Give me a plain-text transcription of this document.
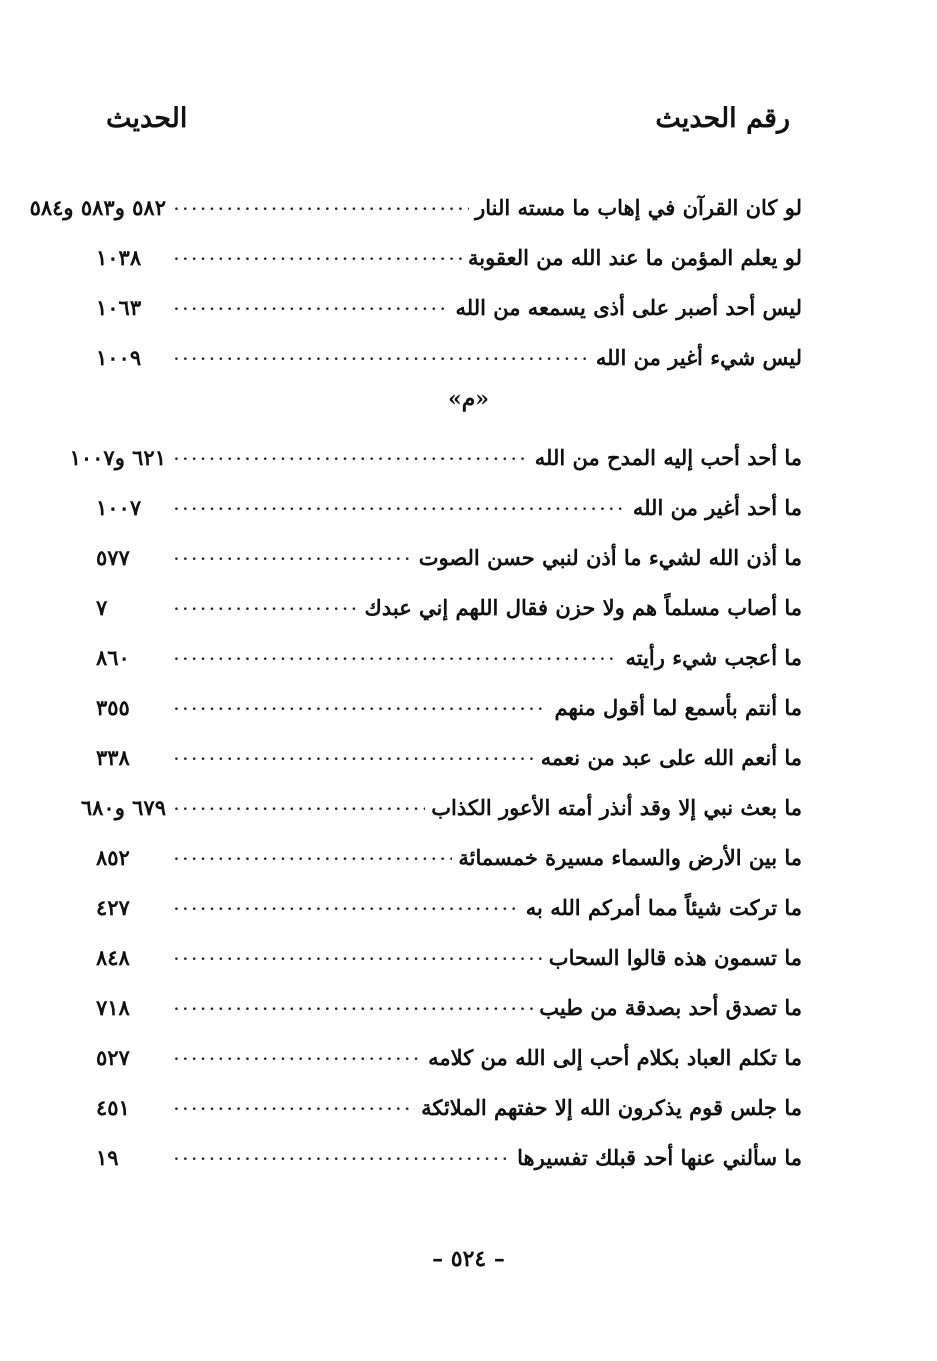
الحديث	رقم الحديث
لو كان القرآن في إهاب ما مسته النار
.....
٥٨٢ و٥٨٣ و٥٨٤
لو يعلم المؤمن ما عند الله من العقوبة
.....
١٠٣٨
ليس أحد أصبر على أذى يسمعه من الله
.....
١٠٦٣
ليس شيء أغير من الله
.....
١٠٠٩
ما أحد أحب إليه المدح من الله
.....
٦٢١ و١٠٠٧
ما أحد أغير من الله
.....
١٠٠٧
ما أذن الله لشيء ما أذن لنبي حسن الصوت
.....
٥٧٧
ما أصاب مسلماً هم ولا حزن فقال اللهم إني عبدك
.....
٧
ما أعجب شيء رأيته
.....
٨٦٠
ما أنتم بأسمع لما أقول منهم
.....
٣٥٥
ما أنعم الله على عبد من نعمه
.....
٣٣٨
ما بعث نبي إلا وقد أنذر أمته الأعور الكذاب
.....
٦٧٩ و٦٨٠
ما بين الأرض والسماء مسيرة خمسمائة
.....
٨٥٢
ما تركت شيئاً مما أمركم الله به
.....
٤٢٧
ما تسمون هذه قالوا السحاب
.....
٨٤٨
ما تصدق أحد بصدقة من طيب
.....
٧١٨
ما تكلم العباد بكلام أحب إلى الله من كلامه
.....
٥٢٧
ما جلس قوم يذكرون الله إلا حفتهم الملائكة
.....
٤٥١
ما سألني عنها أحد قبلك تفسيرها
.....
١٩
«م»
– ٥٢٤ –
